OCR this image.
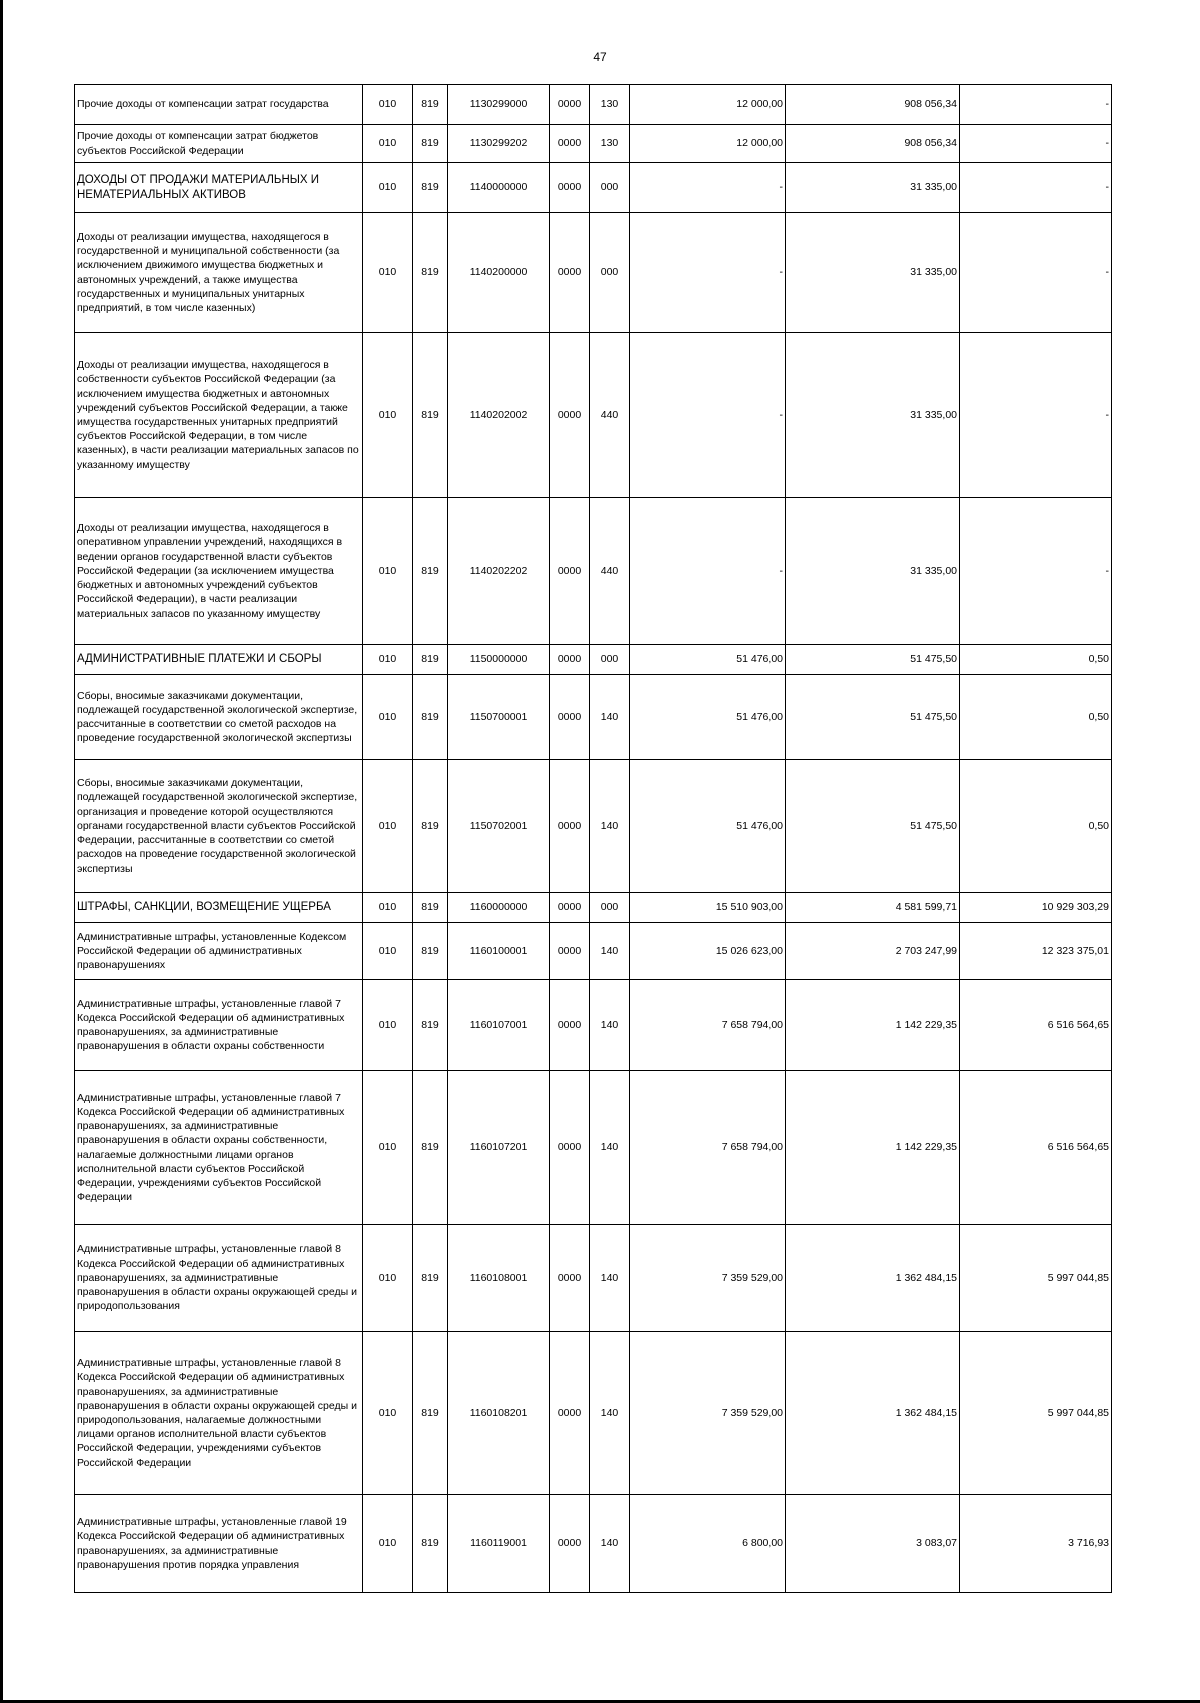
47
Прочие доходы от компенсации затрат государства	010	819	1130299000	0000	130	12 000,00	908 056,34	-
Прочие доходы от компенсации затрат бюджетов субъектов Российской Федерации	010	819	1130299202	0000	130	12 000,00	908 056,34	-
ДОХОДЫ ОТ ПРОДАЖИ МАТЕРИАЛЬНЫХ И НЕМАТЕРИАЛЬНЫХ АКТИВОВ	010	819	1140000000	0000	000	-	31 335,00	-
Доходы от реализации имущества, находящегося в государственной и муниципальной собственности (за исключением движимого имущества бюджетных и автономных учреждений, а также имущества государственных и муниципальных унитарных предприятий, в том числе казенных)	010	819	1140200000	0000	000	-	31 335,00	-
Доходы от реализации имущества, находящегося в собственности субъектов Российской Федерации (за исключением имущества бюджетных и автономных учреждений субъектов Российской Федерации, а также имущества государственных унитарных предприятий субъектов Российской Федерации, в том числе казенных), в части реализации материальных запасов по указанному имуществу	010	819	1140202002	0000	440	-	31 335,00	-
Доходы от реализации имущества, находящегося в оперативном управлении учреждений, находящихся в ведении органов государственной власти субъектов Российской Федерации (за исключением имущества бюджетных и автономных учреждений субъектов Российской Федерации), в части реализации материальных запасов по указанному имуществу	010	819	1140202202	0000	440	-	31 335,00	-
АДМИНИСТРАТИВНЫЕ ПЛАТЕЖИ И СБОРЫ	010	819	1150000000	0000	000	51 476,00	51 475,50	0,50
Сборы, вносимые заказчиками документации, подлежащей государственной экологической экспертизе, рассчитанные в соответствии со сметой расходов на проведение государственной экологической экспертизы	010	819	1150700001	0000	140	51 476,00	51 475,50	0,50
Сборы, вносимые заказчиками документации, подлежащей государственной экологической экспертизе, организация и проведение которой осуществляются органами государственной власти субъектов Российской Федерации, рассчитанные в соответствии со сметой расходов на проведение государственной экологической экспертизы	010	819	1150702001	0000	140	51 476,00	51 475,50	0,50
ШТРАФЫ, САНКЦИИ, ВОЗМЕЩЕНИЕ УЩЕРБА	010	819	1160000000	0000	000	15 510 903,00	4 581 599,71	10 929 303,29
Административные штрафы, установленные Кодексом Российской Федерации об административных правонарушениях	010	819	1160100001	0000	140	15 026 623,00	2 703 247,99	12 323 375,01
Административные штрафы, установленные главой 7 Кодекса Российской Федерации об административных правонарушениях, за административные правонарушения в области охраны собственности	010	819	1160107001	0000	140	7 658 794,00	1 142 229,35	6 516 564,65
Административные штрафы, установленные главой 7 Кодекса Российской Федерации об административных правонарушениях, за административные правонарушения в области охраны собственности, налагаемые должностными лицами органов исполнительной власти субъектов Российской Федерации, учреждениями субъектов Российской Федерации	010	819	1160107201	0000	140	7 658 794,00	1 142 229,35	6 516 564,65
Административные штрафы, установленные главой 8 Кодекса Российской Федерации об административных правонарушениях, за административные правонарушения в области охраны окружающей среды и природопользования	010	819	1160108001	0000	140	7 359 529,00	1 362 484,15	5 997 044,85
Административные штрафы, установленные главой 8 Кодекса Российской Федерации об административных правонарушениях, за административные правонарушения в области охраны окружающей среды и природопользования, налагаемые должностными лицами органов исполнительной власти субъектов Российской Федерации, учреждениями субъектов Российской Федерации	010	819	1160108201	0000	140	7 359 529,00	1 362 484,15	5 997 044,85
Административные штрафы, установленные главой 19 Кодекса Российской Федерации об административных правонарушениях, за административные правонарушения против порядка управления	010	819	1160119001	0000	140	6 800,00	3 083,07	3 716,93
